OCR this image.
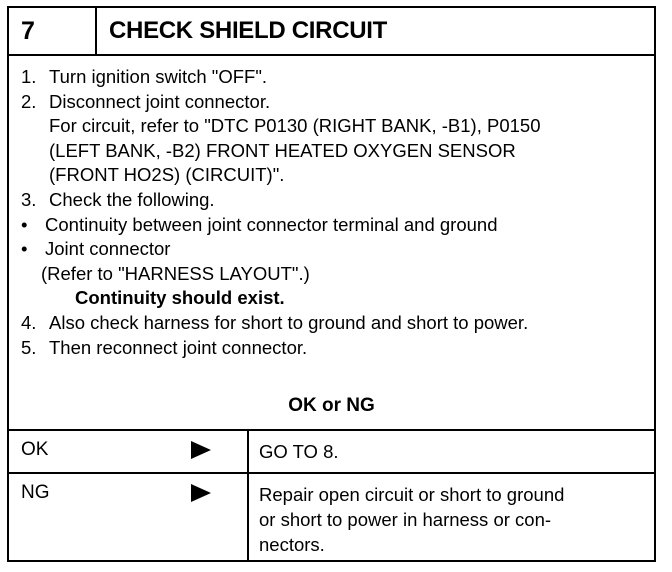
7	CHECK SHIELD CIRCUIT
1. Turn ignition switch "OFF".
2. Disconnect joint connector.
For circuit, refer to "DTC P0130 (RIGHT BANK, -B1), P0150
(LEFT BANK, -B2) FRONT HEATED OXYGEN SENSOR
(FRONT HO2S) (CIRCUIT)".
3. Check the following.
• Continuity between joint connector terminal and ground
• Joint connector
(Refer to "HARNESS LAYOUT".)
Continuity should exist.
4. Also check harness for short to ground and short to power.
5. Then reconnect joint connector.
OK or NG
OK	GO TO 8.
NG	Repair open circuit or short to ground
or short to power in harness or con-
nectors.
